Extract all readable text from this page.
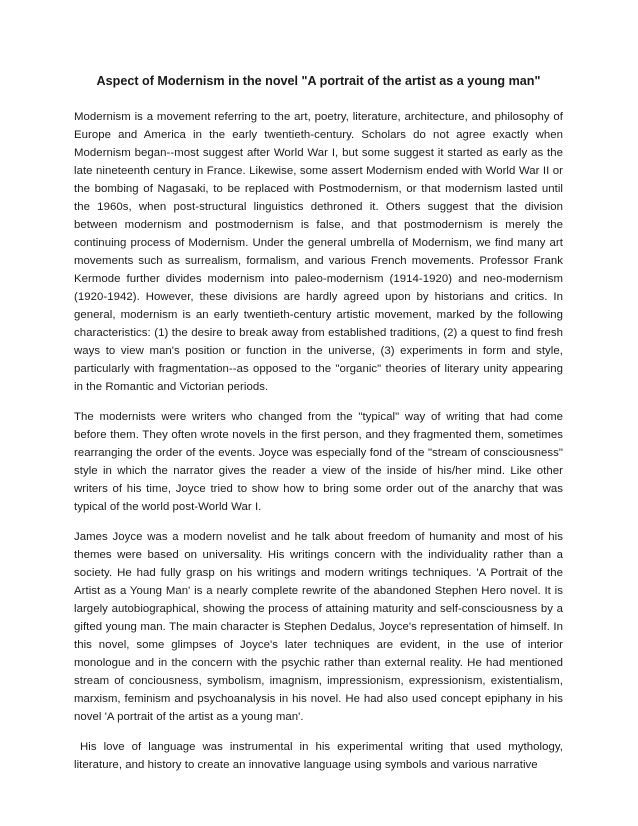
Aspect of Modernism in the novel "A portrait of the artist as a young man"

Modernism is a movement referring to the art, poetry, literature, architecture, and philosophy of Europe and America in the early twentieth-century. Scholars do not agree exactly when Modernism began--most suggest after World War I, but some suggest it started as early as the late nineteenth century in France. Likewise, some assert Modernism ended with World War II or the bombing of Nagasaki, to be replaced with Postmodernism, or that modernism lasted until the 1960s, when post-structural linguistics dethroned it. Others suggest that the division between modernism and postmodernism is false, and that postmodernism is merely the continuing process of Modernism. Under the general umbrella of Modernism, we find many art movements such as surrealism, formalism, and various French movements. Professor Frank Kermode further divides modernism into paleo-modernism (1914-1920) and neo-modernism (1920-1942). However, these divisions are hardly agreed upon by historians and critics. In general, modernism is an early twentieth-century artistic movement, marked by the following characteristics: (1) the desire to break away from established traditions, (2) a quest to find fresh ways to view man's position or function in the universe, (3) experiments in form and style, particularly with fragmentation--as opposed to the "organic" theories of literary unity appearing in the Romantic and Victorian periods.

The modernists were writers who changed from the "typical" way of writing that had come before them. They often wrote novels in the first person, and they fragmented them, sometimes rearranging the order of the events. Joyce was especially fond of the "stream of consciousness" style in which the narrator gives the reader a view of the inside of his/her mind. Like other writers of his time, Joyce tried to show how to bring some order out of the anarchy that was typical of the world post-World War I.

James Joyce was a modern novelist and he talk about freedom of humanity and most of his themes were based on universality. His writings concern with the individuality rather than a society. He had fully grasp on his writings and modern writings techniques. 'A Portrait of the Artist as a Young Man' is a nearly complete rewrite of the abandoned Stephen Hero novel. It is largely autobiographical, showing the process of attaining maturity and self-consciousness by a gifted young man. The main character is Stephen Dedalus, Joyce's representation of himself. In this novel, some glimpses of Joyce's later techniques are evident, in the use of interior monologue and in the concern with the psychic rather than external reality. He had mentioned stream of conciousness, symbolism, imagnism, impressionism, expressionism, existentialism, marxism, feminism and psychoanalysis in his novel. He had also used concept epiphany in his novel 'A portrait of the artist as a young man'.

His love of language was instrumental in his experimental writing that used mythology, literature, and history to create an innovative language using symbols and various narrative
